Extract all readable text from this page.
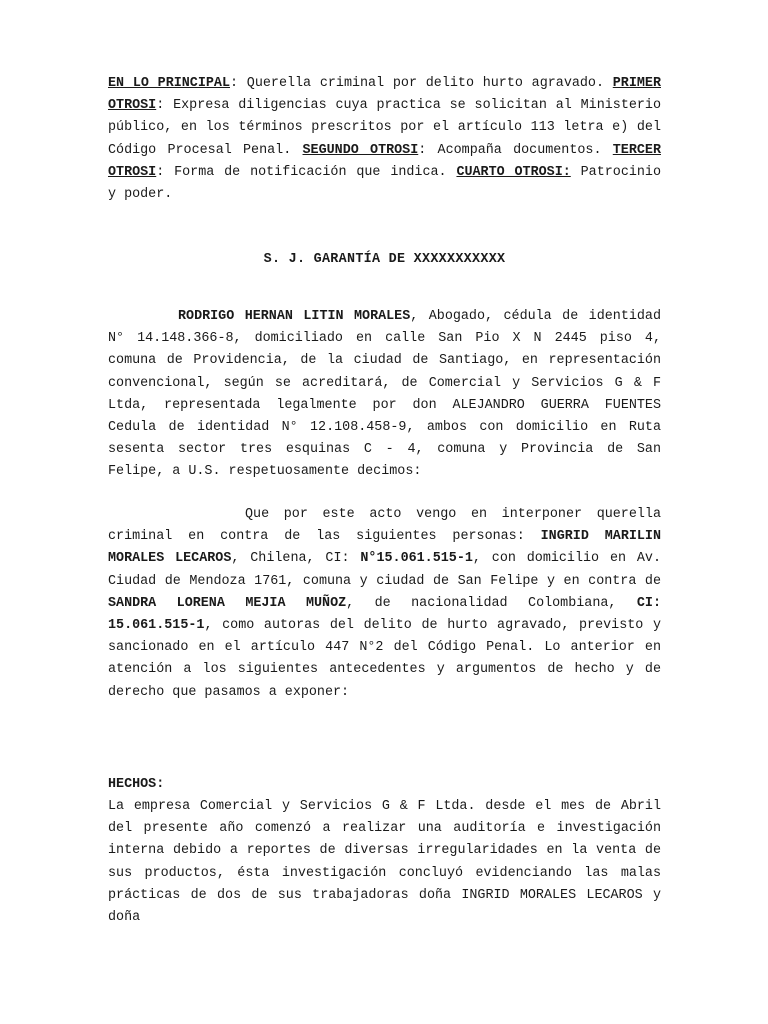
EN LO PRINCIPAL: Querella criminal por delito hurto agravado. PRIMER OTROSI: Expresa diligencias cuya practica se solicitan al Ministerio público, en los términos prescritos por el artículo 113 letra e) del Código Procesal Penal. SEGUNDO OTROSI: Acompaña documentos. TERCER OTROSI: Forma de notificación que indica. CUARTO OTROSI: Patrocinio y poder.
S. J. GARANTÍA DE XXXXXXXXXXX
RODRIGO HERNAN LITIN MORALES, Abogado, cédula de identidad N° 14.148.366-8, domiciliado en calle San Pio X N 2445 piso 4, comuna de Providencia, de la ciudad de Santiago, en representación convencional, según se acreditará, de Comercial y Servicios G & F Ltda, representada legalmente por don ALEJANDRO GUERRA FUENTES Cedula de identidad N° 12.108.458-9, ambos con domicilio en Ruta sesenta sector tres esquinas C - 4, comuna y Provincia de San Felipe, a U.S. respetuosamente decimos:
Que por este acto vengo en interponer querella criminal en contra de las siguientes personas: INGRID MARILIN MORALES LECAROS, Chilena, CI: N°15.061.515-1, con domicilio en Av. Ciudad de Mendoza 1761, comuna y ciudad de San Felipe y en contra de SANDRA LORENA MEJIA MUÑOZ, de nacionalidad Colombiana, CI: 15.061.515-1, como autoras del delito de hurto agravado, previsto y sancionado en el artículo 447 N°2 del Código Penal. Lo anterior en atención a los siguientes antecedentes y argumentos de hecho y de derecho que pasamos a exponer:
HECHOS:
La empresa Comercial y Servicios G & F Ltda. desde el mes de Abril del presente año comenzó a realizar una auditoría e investigación interna debido a reportes de diversas irregularidades en la venta de sus productos, ésta investigación concluyó evidenciando las malas prácticas de dos de sus trabajadoras doña INGRID MORALES LECAROS y doña
